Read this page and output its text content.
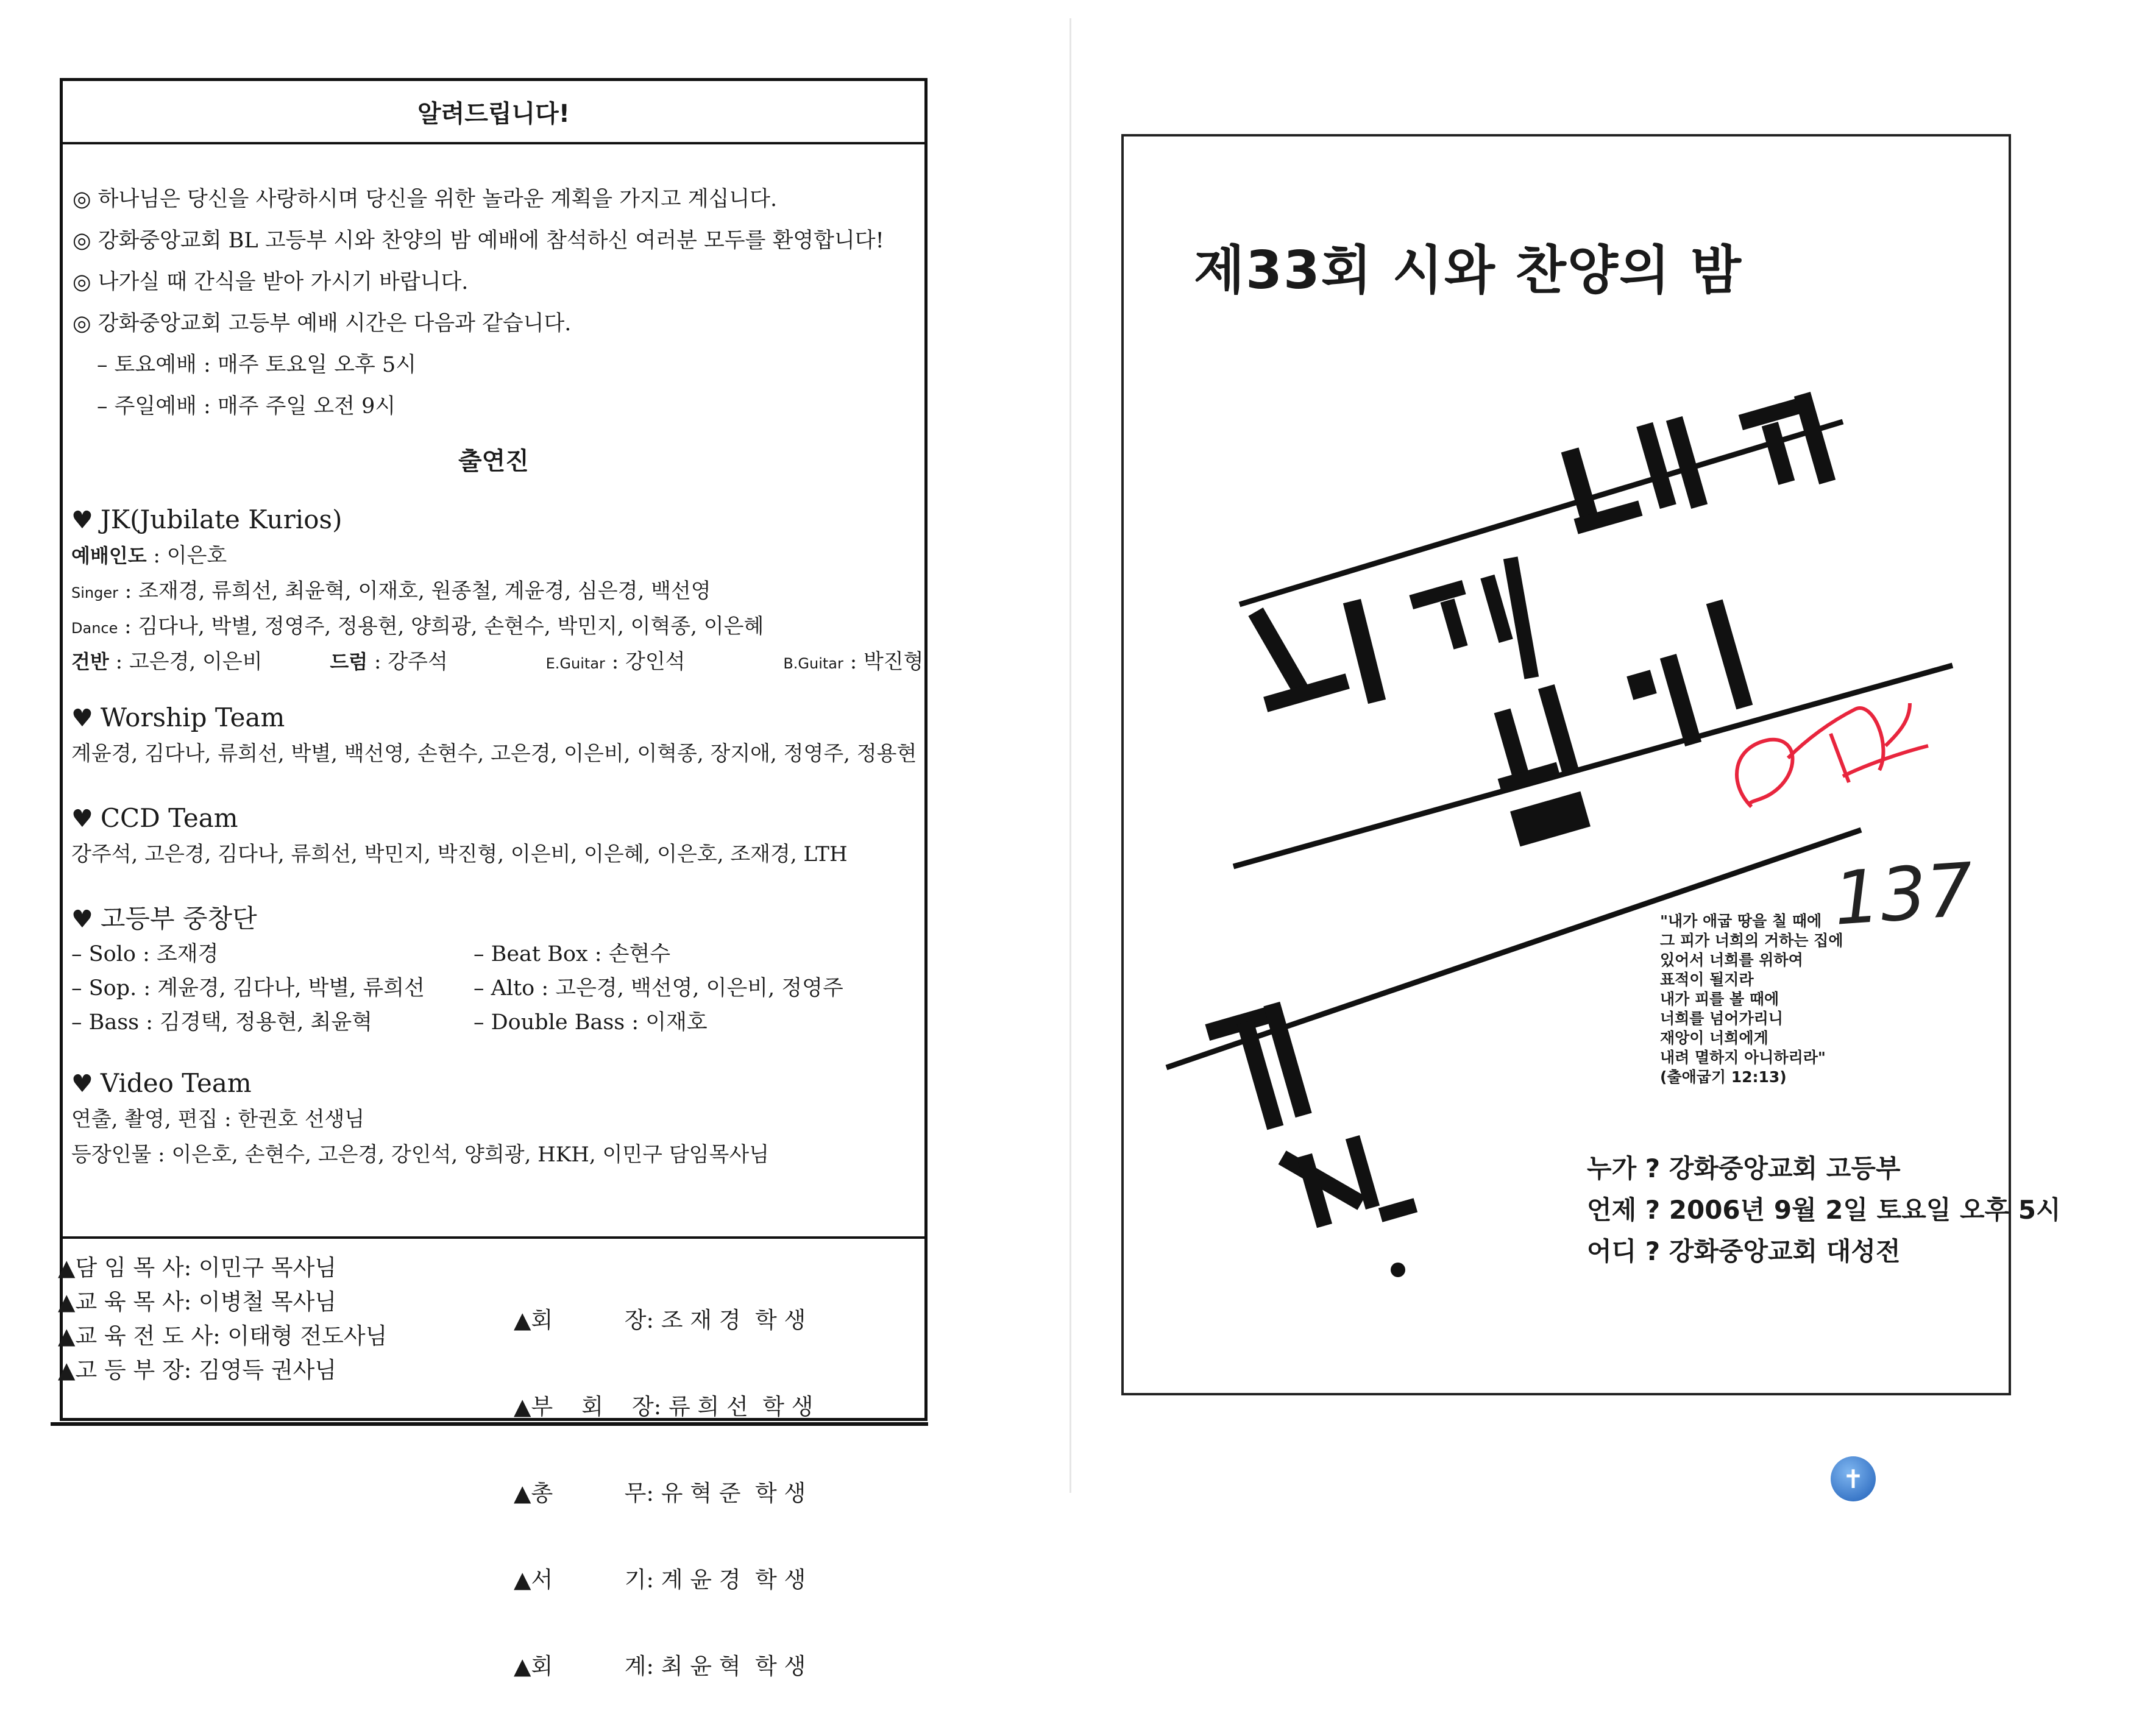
알려드립니다!
◎ 하나님은 당신을 사랑하시며 당신을 위한 놀라운 계획을 가지고 계십니다.
◎ 강화중앙교회 BL 고등부 시와 찬양의 밤 예배에 참석하신 여러분 모두를 환영합니다!
◎ 나가실 때 간식을 받아 가시기 바랍니다.
◎ 강화중앙교회 고등부 예배 시간은 다음과 같습니다.
– 토요예배 : 매주 토요일 오후 5시
– 주일예배 : 매주 주일 오전 9시
출연진
♥ JK(Jubilate Kurios)
예배인도 : 이은호
Singer : 조재경, 류희선, 최윤혁, 이재호, 원종철, 계윤경, 심은경, 백선영
Dance : 김다나, 박별, 정영주, 정용현, 양희광, 손현수, 박민지, 이혁종, 이은혜
건반 : 고은경, 이은비	드럼 : 강주석	E.Guitar : 강인석	B.Guitar : 박진형
♥ Worship Team
계윤경, 김다나, 류희선, 박별, 백선영, 손현수, 고은경, 이은비, 이혁종, 장지애, 정영주, 정용현
♥ CCD Team
강주석, 고은경, 김다나, 류희선, 박민지, 박진형, 이은비, 이은혜, 이은호, 조재경, LTH
♥ 고등부 중창단
– Solo : 조재경	– Beat Box : 손현수
– Sop. : 계윤경, 김다나, 박별, 류희선	– Alto : 고은경, 백선영, 이은비, 정영주
– Bass : 김경택, 정용현, 최윤혁	– Double Bass : 이재호
♥ Video Team
연출, 촬영, 편집 : 한권호 선생님
등장인물 : 이은호, 손현수, 고은경, 강인석, 양희광, HKH, 이민구 담임목사님
▲담 임 목 사: 이민구 목사님
▲교 육 목 사: 이병철 목사님
▲교 육 전 도 사: 이태형 전도사님
▲고 등 부 장: 김영득 권사님

▲회          장: 조 재 경  학 생

▲부    회    장: 류 희 선  학 생

▲총          무: 유 혁 준  학 생

▲서          기: 계 윤 경  학 생

▲회          계: 최 윤 혁  학 생

제33회 시와 찬양의 밤
"내가 애굽 땅을 칠 때에
그 피가 너희의 거하는 집에
있어서 너희를 위하여
표적이 될지라
내가 피를 볼 때에
너희를 넘어가리니
재앙이 너희에게
내려 멸하지 아니하리라"
(출애굽기 12:13)
137
누가 ? 강화중앙교회 고등부
언제 ? 2006년 9월 2일 토요일 오후 5시
어디 ? 강화중앙교회 대성전
✝
